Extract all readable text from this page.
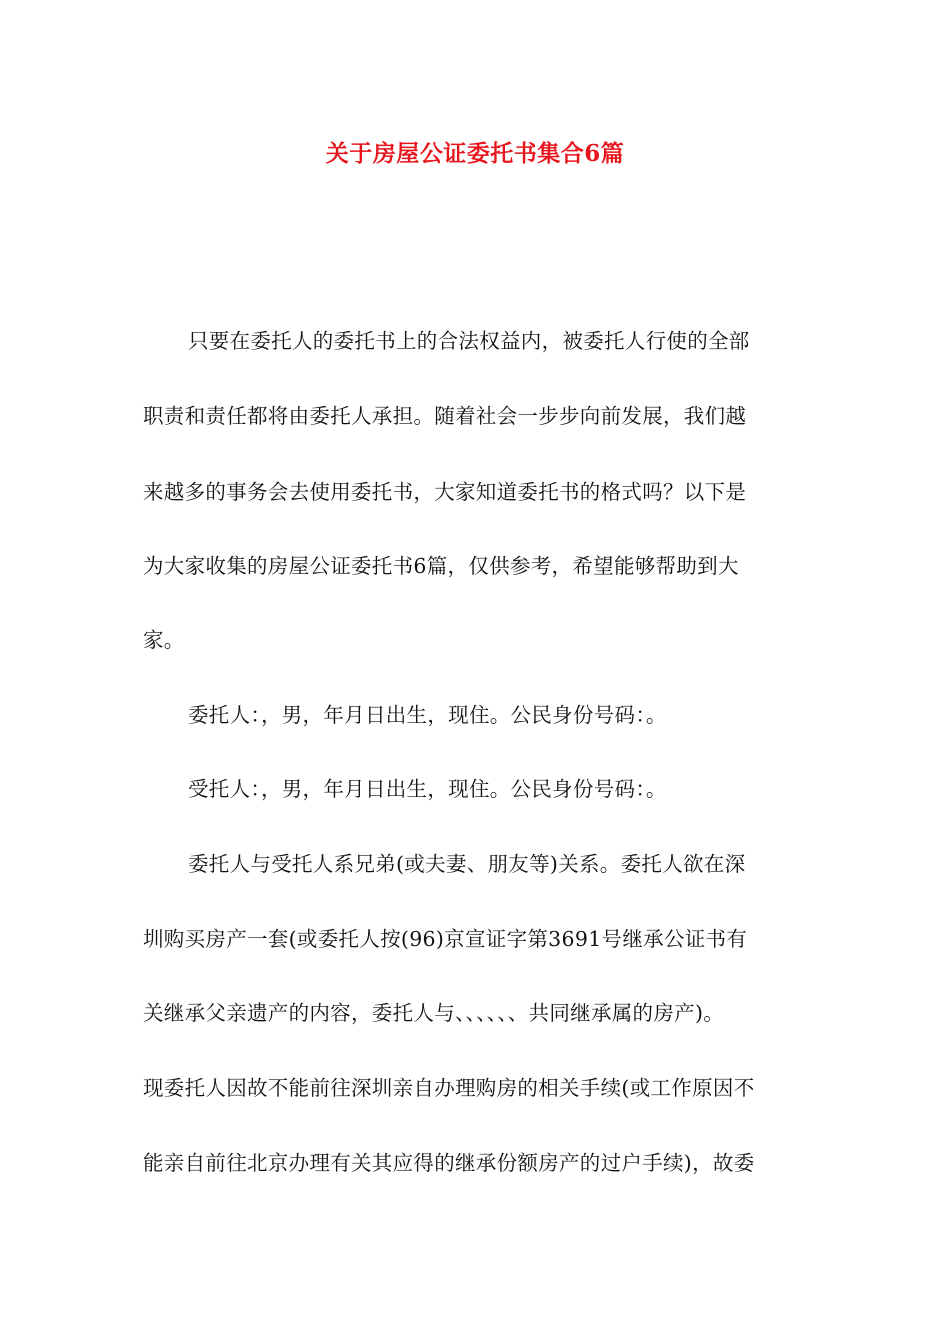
关于房屋公证委托书集合6篇
只要在委托人的委托书上的合法权益内，被委托人行使的全部
职责和责任都将由委托人承担。随着社会一步步向前发展，我们越
来越多的事务会去使用委托书，大家知道委托书的格式吗？以下是
为大家收集的房屋公证委托书6篇，仅供参考，希望能够帮助到大
家。
委托人：，男，年月日出生，现住。公民身份号码：。
受托人：，男，年月日出生，现住。公民身份号码：。
委托人与受托人系兄弟(或夫妻、朋友等)关系。委托人欲在深
圳购买房产一套(或委托人按(96)京宣证字第3691号继承公证书有
关继承父亲遗产的内容，委托人与、、、、、、共同继承属的房产)。
现委托人因故不能前往深圳亲自办理购房的相关手续(或工作原因不
能亲自前往北京办理有关其应得的继承份额房产的过户手续)，故委
